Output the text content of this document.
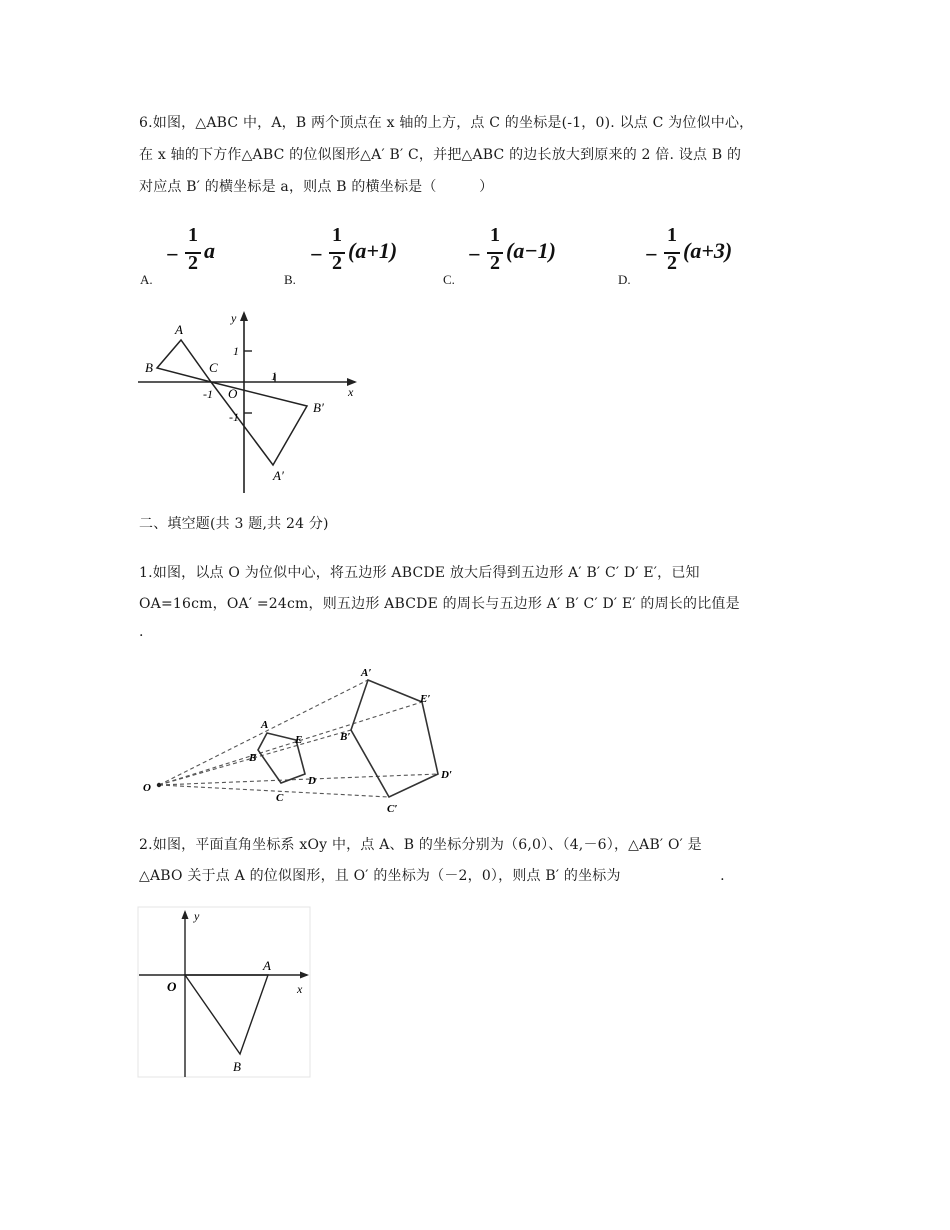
6.如图，△ABC 中，A，B 两个顶点在 x 轴的上方，点 C 的坐标是(-1，0). 以点 C 为位似中心，
在 x 轴的下方作△ABC 的位似图形△A′ B′ C，并把△ABC 的边长放大到原来的 2 倍. 设点 B 的
对应点 B′ 的横坐标是 a，则点 B 的横坐标是（　　　）
A.
−
1
2 a
B.
−
1
2 (a+1)
C.
−
1
2 (a−1)
D.
−
1
2 (a+3)
A
B	C
O
B′
A′
x
y
1
1
-1
-1
二、填空题(共 3 题,共 24 分)
1.如图，以点 O 为位似中心，将五边形 ABCDE 放大后得到五边形 A′ B′ C′ D′ E′，已知
OA=16cm，OA′ =24cm，则五边形 ABCDE 的周长与五边形 A′ B′ C′ D′ E′ 的周长的比值是
.
O
A
B
C
D
E
A′
B′
C′
D′
E′
2.如图，平面直角坐标系 xOy 中，点 A、B 的坐标分别为（6,0）、（4,－6），△AB′ O′ 是
△ABO 关于点 A 的位似图形，且 O′ 的坐标为（－2，0），则点 B′ 的坐标为　　　　　　　.
O
A
B
x
y
